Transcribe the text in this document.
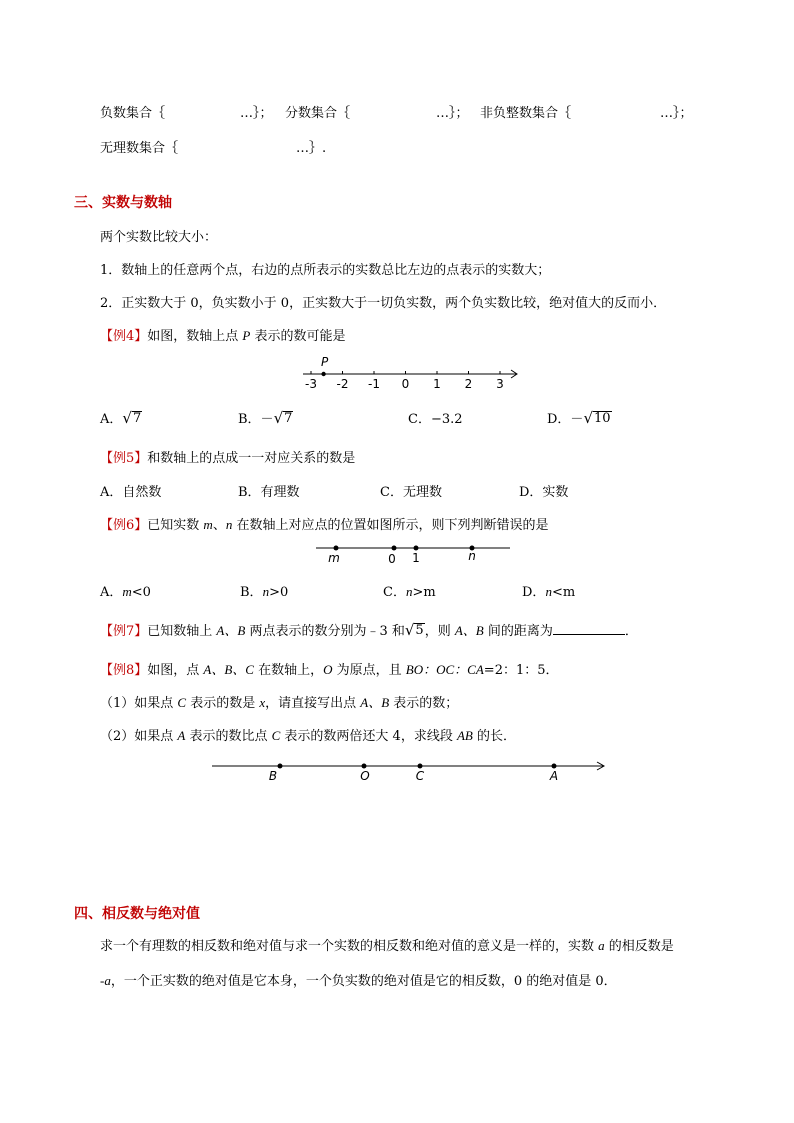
负数集合｛	…｝； 分数集合｛	…｝； 非负整数集合｛	…｝；
无理数集合｛	…｝.
三、实数与数轴
两个实数比较大小：
1．数轴上的任意两个点，右边的点所表示的实数总比左边的点表示的实数大；
2．正实数大于 0，负实数小于 0，正实数大于一切负实数，两个负实数比较，绝对值大的反而小．
【例4】如图，数轴上点 P 表示的数可能是
-3 -2 -1 0 1 2 3
P
A． √ 7	B．－ √ 7	C．−3.2	D．－ √ 10
【例5】和数轴上的点成一一对应关系的数是
A．自然数	B．有理数	C．无理数	D．实数
【例6】已知实数 m、n 在数轴上对应点的位置如图所示，则下列判断错误的是
m	0 1	n
A．m<0	B．n>0	C．n>m	D．n<m
【例7】已知数轴上 A、B 两点表示的数分别为﹣3 和 √ 5 ，则 A、B 间的距离为	．
【例8】如图，点 A、B、C 在数轴上，O 为原点，且 BO：OC：CA=2：1：5．
（1）如果点 C 表示的数是 x，请直接写出点 A、B 表示的数；
（2）如果点 A 表示的数比点 C 表示的数两倍还大 4，求线段 AB 的长．
B	O	C	A
四、相反数与绝对值
求一个有理数的相反数和绝对值与求一个实数的相反数和绝对值的意义是一样的，实数 a 的相反数是
-a，一个正实数的绝对值是它本身，一个负实数的绝对值是它的相反数，0 的绝对值是 0．
